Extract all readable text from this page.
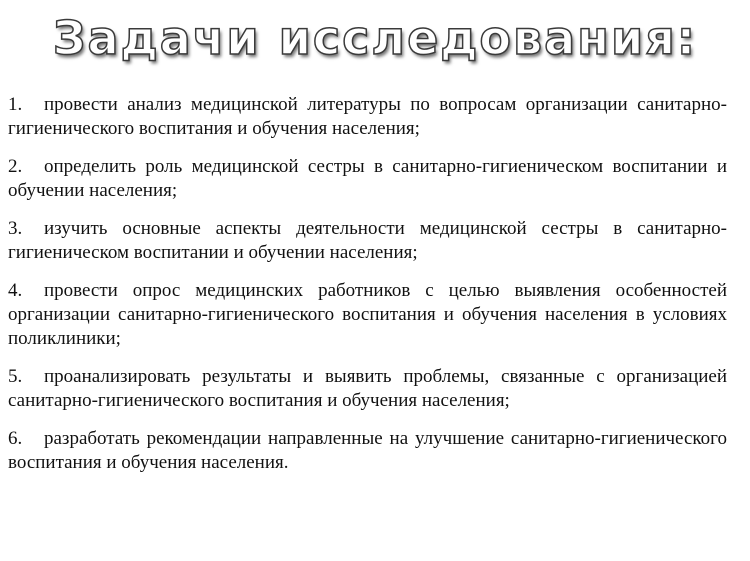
Задачи исследования:
1. провести анализ медицинской литературы по вопросам организации санитарно-гигиенического воспитания и обучения населения;
2. определить роль медицинской сестры в санитарно-гигиеническом воспитании и обучении населения;
3. изучить основные аспекты деятельности медицинской сестры в санитарно-гигиеническом воспитании и обучении населения;
4. провести опрос медицинских работников с целью выявления особенностей организации санитарно-гигиенического воспитания и обучения населения в условиях поликлиники;
5. проанализировать результаты и выявить проблемы, связанные с организацией санитарно-гигиенического воспитания и обучения населения;
6. разработать рекомендации направленные на улучшение санитарно-гигиенического воспитания и обучения населения.
